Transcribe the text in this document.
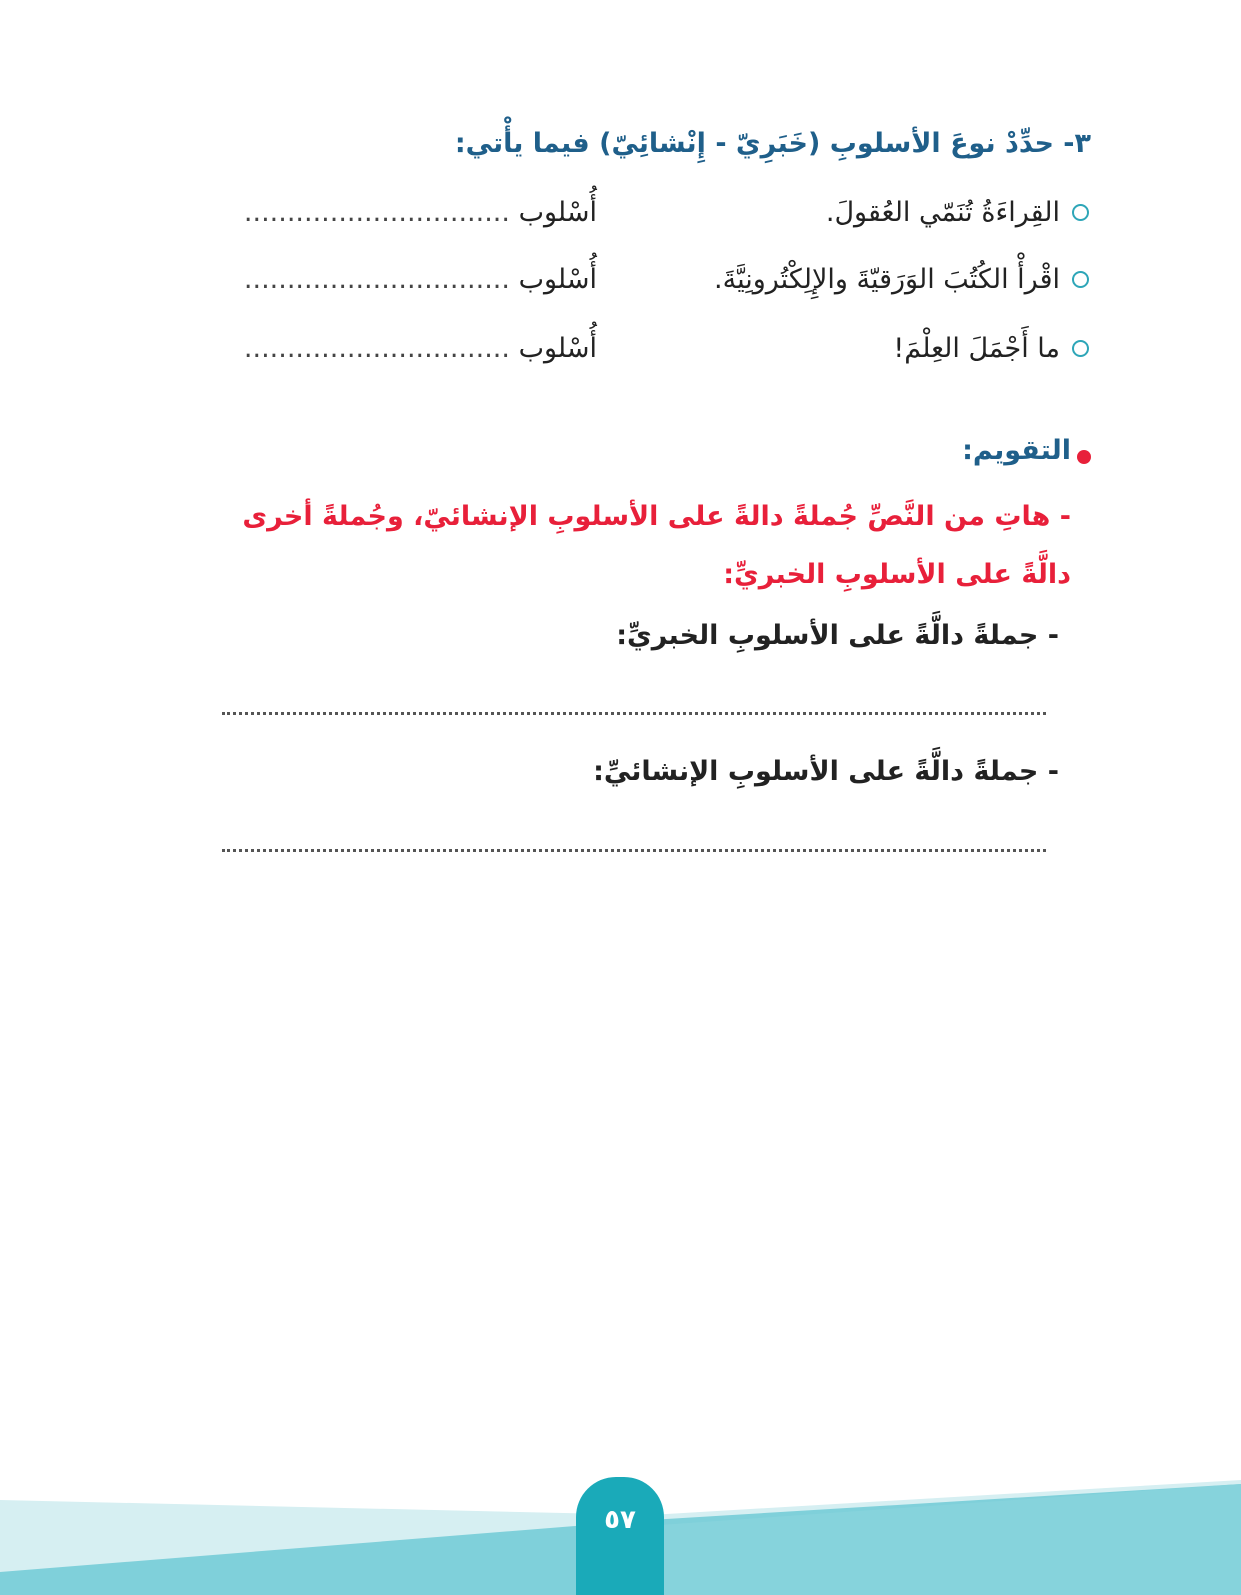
٣- حدِّدْ نوعَ الأسلوبِ (خَبَرِيّ - إِنْشائِيّ) فيما يأْتي:
القِراءَةُ تُنَمّي العُقولَ.
أُسْلوب ...............................
اقْرأْ الكُتُبَ الوَرَقيّةَ والإِلِكْتُرونِيَّةَ.
أُسْلوب ...............................
ما أَجْمَلَ العِلْمَ!
أُسْلوب ...............................
التقويم:
- هاتِ من النَّصِّ جُملةً دالةً على الأسلوبِ الإنشائيّ، وجُملةً أخرى دالَّةً على الأسلوبِ الخبريِّ:
- جملةً دالَّةً على الأسلوبِ الخبريِّ:
- جملةً دالَّةً على الأسلوبِ الإنشائيِّ:
٥٧
